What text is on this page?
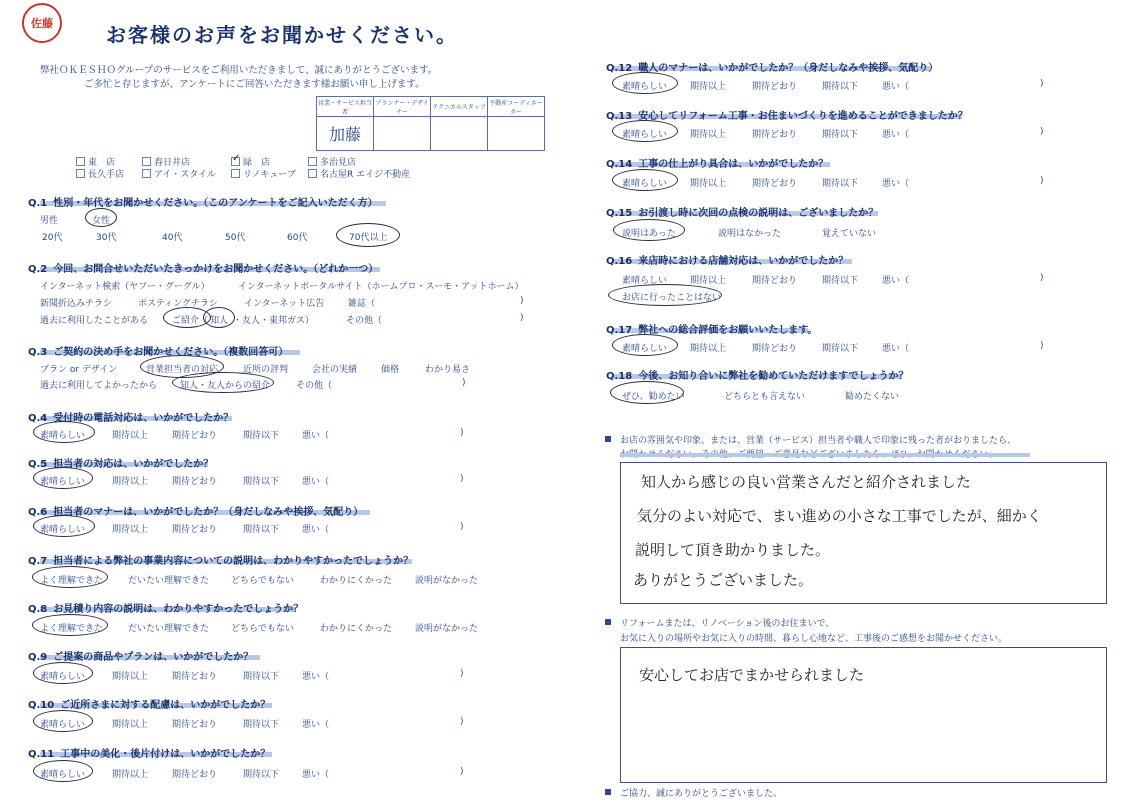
佐藤	お客様のお声をお聞かせください。
弊社ＯＫＥＳＨＯグループのサービスをご利用いただきまして、誠にありがとうございます。
ご多忙と存じますが、アンケートにご回答いただきます様お願い申し上げます。
営業・サービス担当者	プランナー・デザイナー	テクニカルスタッフ	不動産コーディネーター
加藤			
東　店	春日井店	✓ 緑　店	多治見店
長久手店	アイ・スタイル	リノキューブ	名古屋R エイジ不動産
Q.1 性別・年代をお聞かせください。（このアンケートをご記入いただく方）
男性	女性
20代	30代	40代	50代	60代	70代以上
Q.2 今回、お問合せいただいたきっかけをお聞かせください。（どれか一つ）
インターネット検索（ヤフー・グーグル）	インターネットポータルサイト（ホームプロ・スーモ・アットホーム）
新聞折込みチラシ	ポスティングチラシ	インターネット広告	雑誌（	)
過去に利用したことがある	ご紹介（ 知人 ・友人・東邦ガス）	その他（	)
Q.3 ご契約の決め手をお聞かせください。（複数回答可）
プラン or デザイン	営業担当者の対応	近所の評判	会社の実績	価格	わかり易さ
過去に利用してよかったから	知人・友人からの紹介	その他（	)
Q.4 受付時の電話対応は、いかがでしたか？
素晴らしい	期待以上	期待どおり	期待以下	悪い（	)
Q.5 担当者の対応は、いかがでしたか？
素晴らしい	期待以上	期待どおり	期待以下	悪い（	)
Q.6 担当者のマナーは、いかがでしたか？（身だしなみや挨拶、気配り）
素晴らしい	期待以上	期待どおり	期待以下	悪い（	)
Q.7 担当者による弊社の事業内容についての説明は、わかりやすかったでしょうか？
よく理解できた	だいたい理解できた どちらでもない	わかりにくかった	説明がなかった
Q.8 お見積り内容の説明は、わかりやすかったでしょうか？
よく理解できた	だいたい理解できた どちらでもない	わかりにくかった	説明がなかった
Q.9 ご提案の商品やプランは、いかがでしたか？
素晴らしい	期待以上	期待どおり	期待以下	悪い（	)
Q.10 ご近所さまに対する配慮は、いかがでしたか？
素晴らしい	期待以上	期待どおり	期待以下	悪い（	)
Q.11 工事中の美化・後片付けは、いかがでしたか？
素晴らしい	期待以上	期待どおり	期待以下	悪い（	)
Q.12 職人のマナーは、いかがでしたか？（身だしなみや挨拶、気配り）
素晴らしい	期待以上	期待どおり	期待以下	悪い（	)
Q.13 安心してリフォーム工事・お住まいづくりを進めることができましたか？
素晴らしい	期待以上	期待どおり	期待以下	悪い（	)
Q.14 工事の仕上がり具合は、いかがでしたか？
素晴らしい	期待以上	期待どおり	期待以下	悪い（	)
Q.15 お引渡し時に次回の点検の説明は、ございましたか？
説明はあった	説明はなかった	覚えていない
Q.16 来店時における店舗対応は、いかがでしたか？
素晴らしい	期待以上	期待どおり	期待以下	悪い（	)
お店に行ったことはない
Q.17 弊社への総合評価をお願いいたします。
素晴らしい	期待以上	期待どおり	期待以下	悪い（	)
Q.18 今後、お知り合いに弊社を勧めていただけますでしょうか？
ぜひ、勧めたい	どちらとも言えない	勧めたくない
お店の雰囲気や印象。または、営業（サービス）担当者や職人で印象に残った者がおりましたら、
知人から感じの良い営業さんだと紹介されました
気分のよい対応で、まい進めの小さな工事でしたが、細かく
説明して頂き助かりました。
ありがとうございました。
リフォームまたは、リノベーション後のお住まいで、
お気に入りの場所やお気に入りの時間、暮らし心地など、工事後のご感想をお聞かせください。
安心してお店でまかせられました
ご協力、誠にありがとうございました。
